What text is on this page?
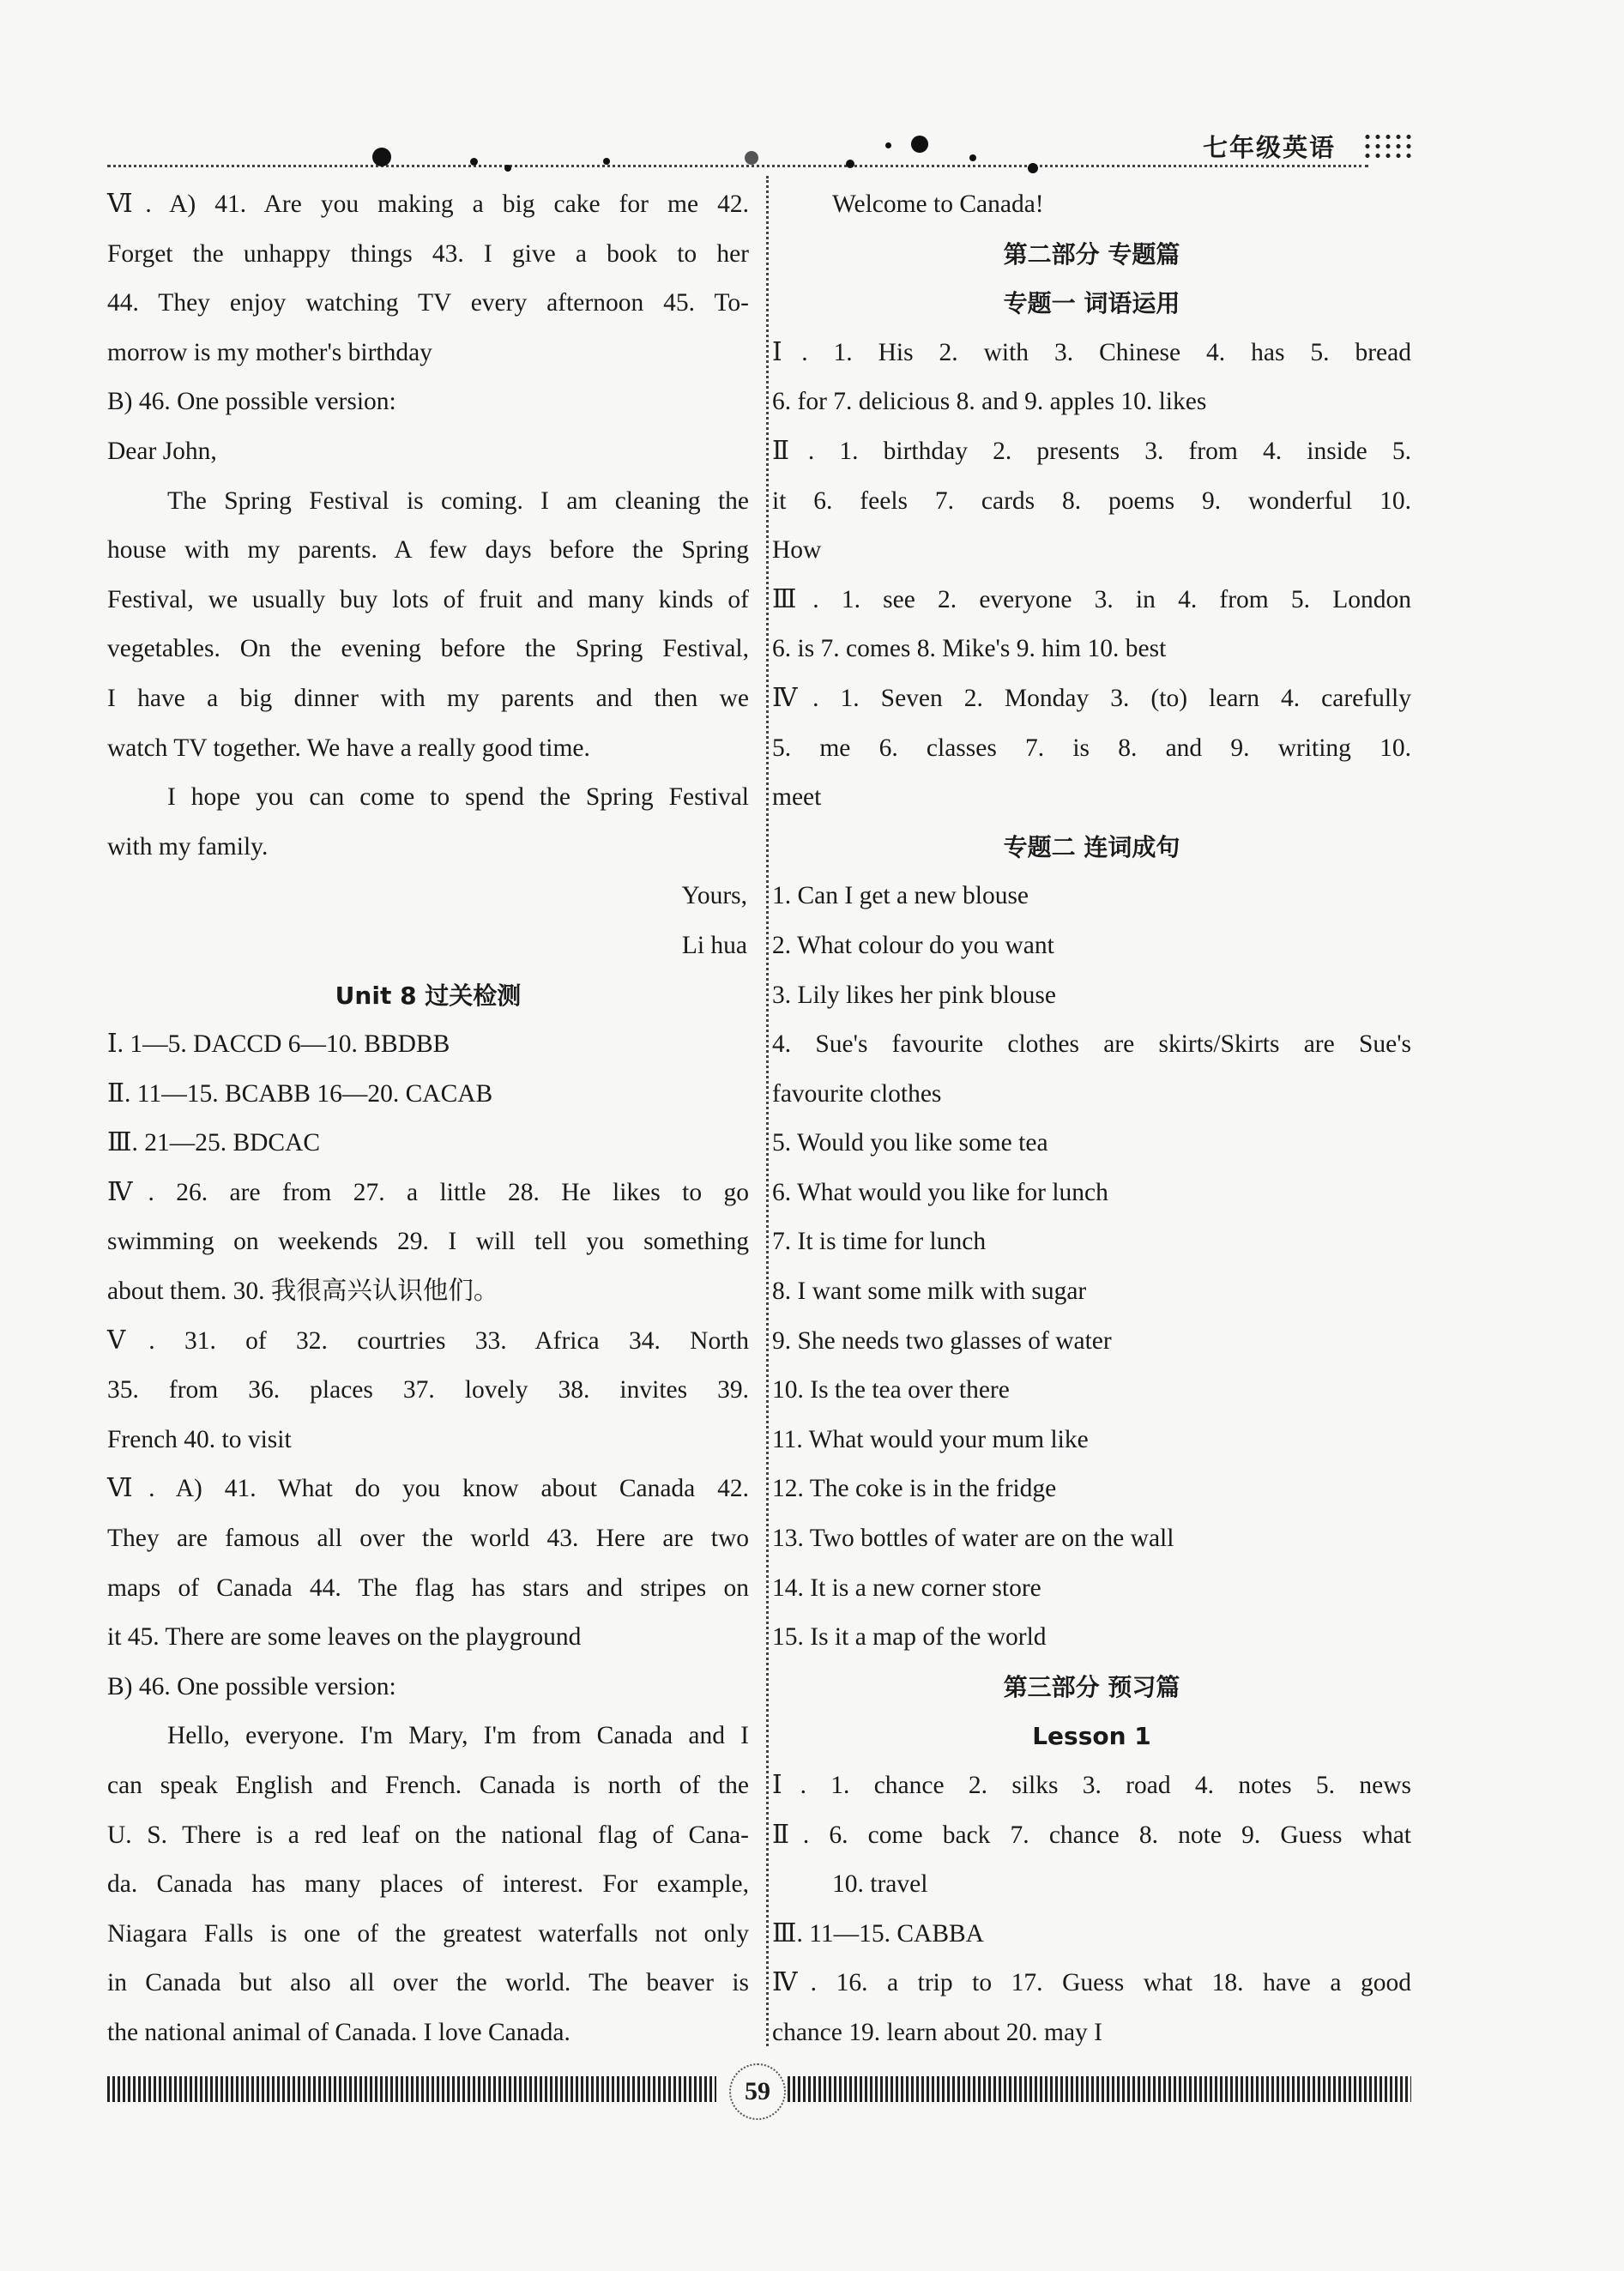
七年级英语
Ⅵ. A) 41. Are you making a big cake for me 42.
Forget the unhappy things 43. I give a book to her
44. They enjoy watching TV every afternoon 45. To-
morrow is my mother's birthday
B) 46. One possible version:
Dear John,
The Spring Festival is coming. I am cleaning the
house with my parents. A few days before the Spring
Festival, we usually buy lots of fruit and many kinds of
vegetables. On the evening before the Spring Festival,
I have a big dinner with my parents and then we
watch TV together. We have a really good time.
I hope you can come to spend the Spring Festival
with my family.
Yours,
Li hua
Unit 8 过关检测
Ⅰ. 1—5. DACCD 6—10. BBDBB
Ⅱ. 11—15. BCABB 16—20. CACAB
Ⅲ. 21—25. BDCAC
Ⅳ. 26. are from 27. a little 28. He likes to go
swimming on weekends 29. I will tell you something
about them. 30. 我很高兴认识他们。
Ⅴ. 31. of 32. courtries 33. Africa 34. North
35. from 36. places 37. lovely 38. invites 39.
French 40. to visit
Ⅵ. A) 41. What do you know about Canada 42.
They are famous all over the world 43. Here are two
maps of Canada 44. The flag has stars and stripes on
it 45. There are some leaves on the playground
B) 46. One possible version:
Hello, everyone. I'm Mary, I'm from Canada and I
can speak English and French. Canada is north of the
U. S. There is a red leaf on the national flag of Cana-
da. Canada has many places of interest. For example,
Niagara Falls is one of the greatest waterfalls not only
in Canada but also all over the world. The beaver is
the national animal of Canada. I love Canada.
Welcome to Canada!
第二部分 专题篇
专题一 词语运用
Ⅰ. 1. His 2. with 3. Chinese 4. has 5. bread
6. for 7. delicious 8. and 9. apples 10. likes
Ⅱ. 1. birthday 2. presents 3. from 4. inside 5.
it 6. feels 7. cards 8. poems 9. wonderful 10.
How
Ⅲ. 1. see 2. everyone 3. in 4. from 5. London
6. is 7. comes 8. Mike's 9. him 10. best
Ⅳ. 1. Seven 2. Monday 3. (to) learn 4. carefully
5. me 6. classes 7. is 8. and 9. writing 10.
meet
专题二 连词成句
1. Can I get a new blouse
2. What colour do you want
3. Lily likes her pink blouse
4. Sue's favourite clothes are skirts/Skirts are Sue's
favourite clothes
5. Would you like some tea
6. What would you like for lunch
7. It is time for lunch
8. I want some milk with sugar
9. She needs two glasses of water
10. Is the tea over there
11. What would your mum like
12. The coke is in the fridge
13. Two bottles of water are on the wall
14. It is a new corner store
15. Is it a map of the world
第三部分 预习篇
Lesson 1
Ⅰ. 1. chance 2. silks 3. road 4. notes 5. news
Ⅱ. 6. come back 7. chance 8. note 9. Guess what
10. travel
Ⅲ. 11—15. CABBA
Ⅳ. 16. a trip to 17. Guess what 18. have a good
chance 19. learn about 20. may I
59
